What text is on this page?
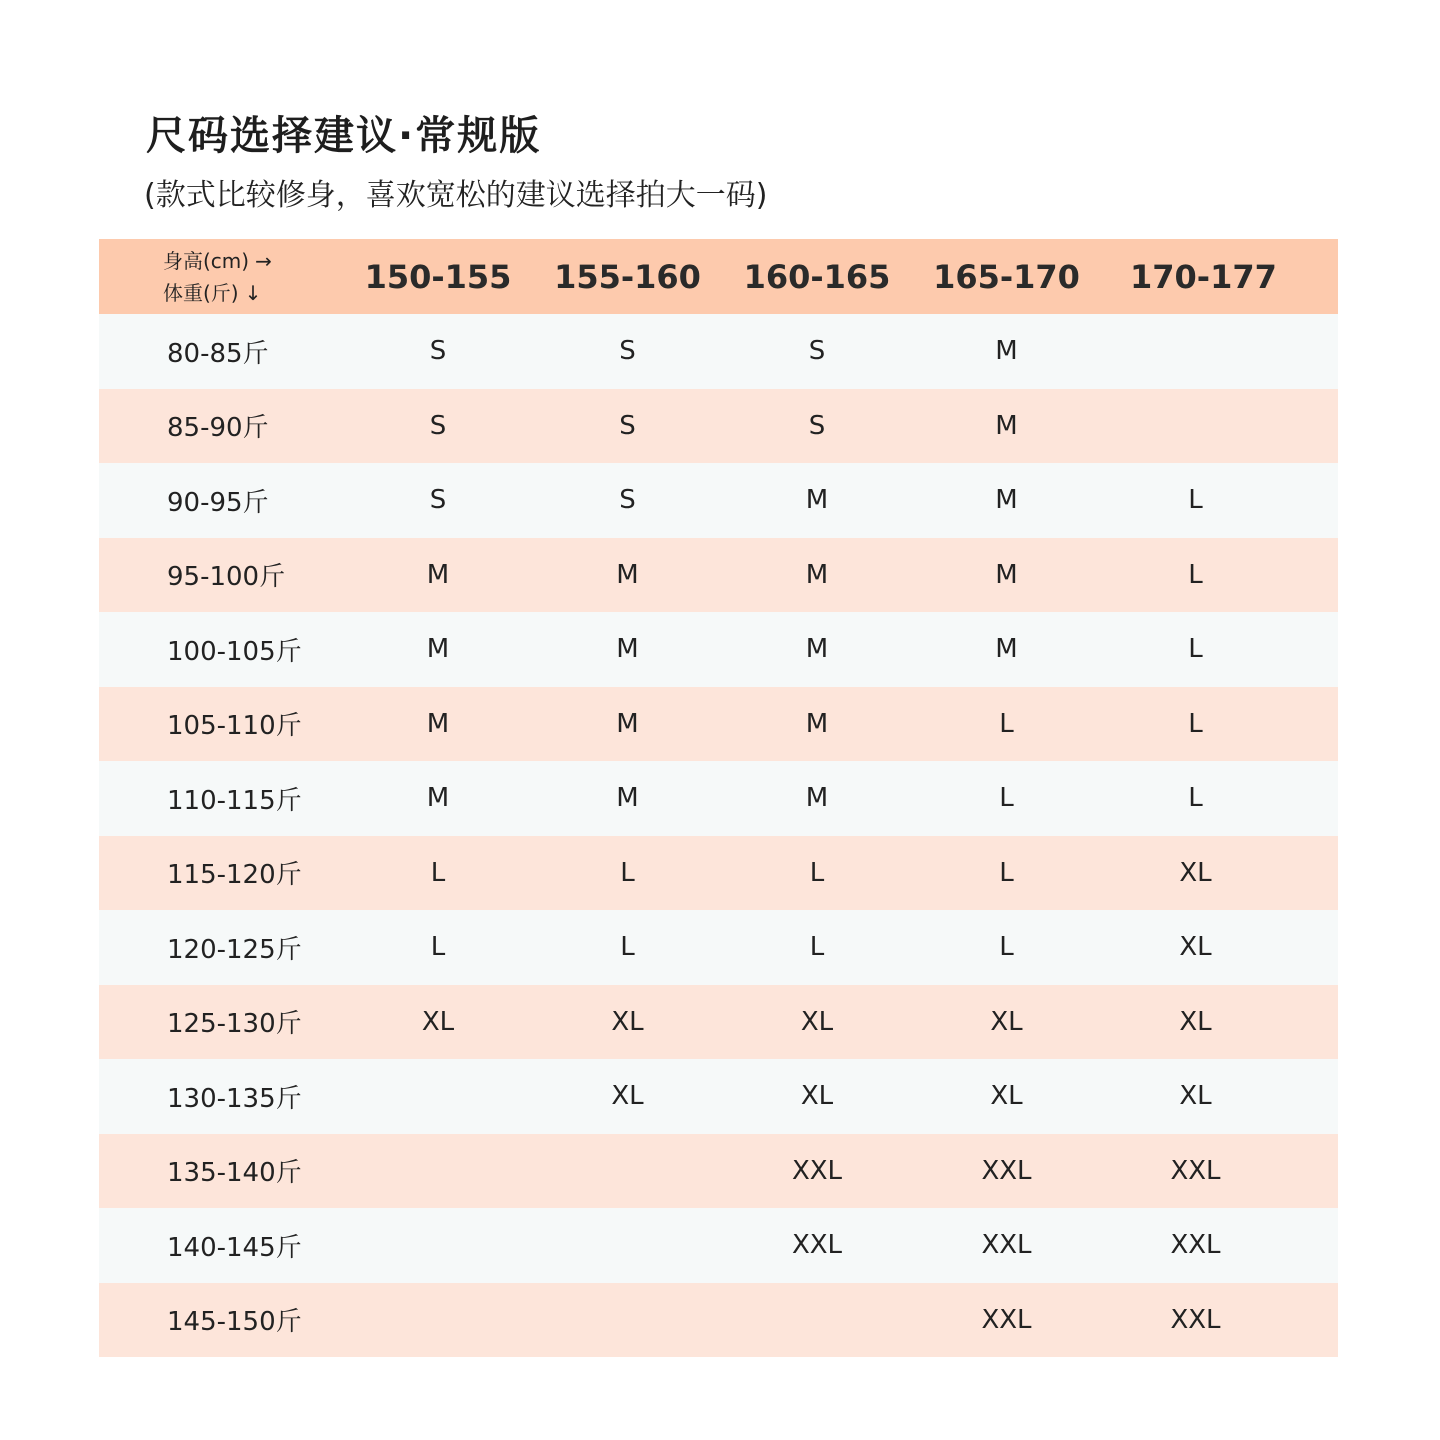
尺码选择建议·常规版
(款式比较修身，喜欢宽松的建议选择拍大一码)
身高(cm) →
体重(斤) ↓	150-155	155-160	160-165	165-170	170-177
80-85斤	S	S	S	M	
85-90斤	S	S	S	M	
90-95斤	S	S	M	M	L
95-100斤	M	M	M	M	L
100-105斤	M	M	M	M	L
105-110斤	M	M	M	L	L
110-115斤	M	M	M	L	L
115-120斤	L	L	L	L	XL
120-125斤	L	L	L	L	XL
125-130斤	XL	XL	XL	XL	XL
130-135斤		XL	XL	XL	XL
135-140斤			XXL	XXL	XXL
140-145斤			XXL	XXL	XXL
145-150斤				XXL	XXL
